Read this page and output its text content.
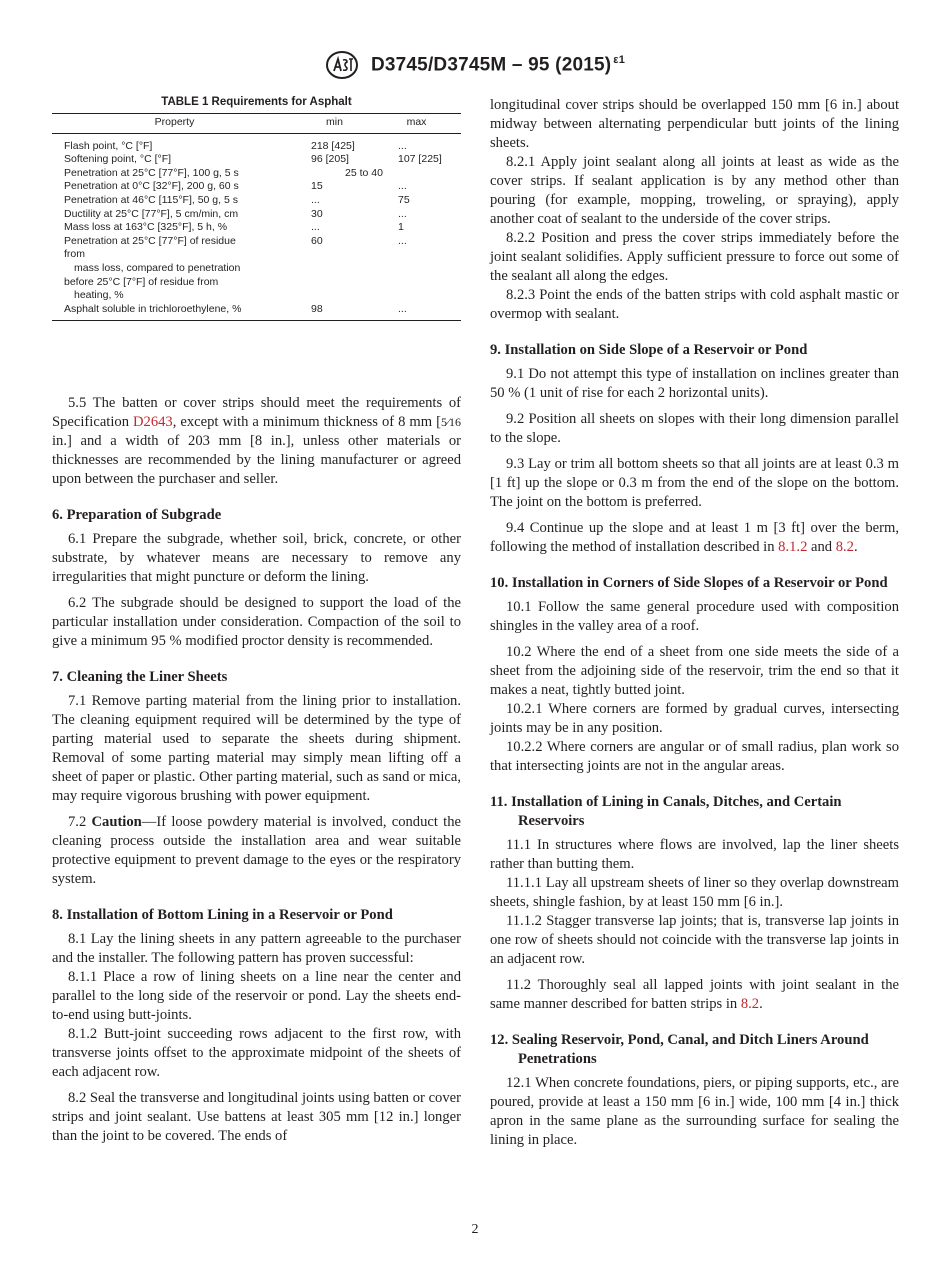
D3745/D3745M – 95 (2015) $^{\varepsilon 1}$
TABLE 1 Requirements for Asphalt
Property	min	max
Flash point, °C [°F]	218 [425]	...
Softening point, °C [°F]	96 [205]	107 [225]
Penetration at 25°C [77°F], 100 g, 5 s	25 to 40	
Penetration at 0°C [32°F], 200 g, 60 s	15	...
Penetration at 46°C [115°F], 50 g, 5 s	...	75
Ductility at 25°C [77°F], 5 cm/min, cm	30	...
Mass loss at 163°C [325°F], 5 h, %	...	1

Penetration at 25°C [77°F] of residue
from
mass loss, compared to penetration
before 25°C [7°F] of residue from
heating, %	60	...
Asphalt soluble in trichloroethylene, %	98	...

5.5 The batten or cover strips should meet the requirements of Specification D2643, except with a minimum thickness of 8 mm [5⁄16 in.] and a width of 203 mm [8 in.], unless other materials or thicknesses are recommended by the lining manufacturer or agreed upon between the purchaser and seller.

6. Preparation of Subgrade

6.1 Prepare the subgrade, whether soil, brick, concrete, or other substrate, by whatever means are necessary to remove any irregularities that might puncture or deform the lining.

6.2 The subgrade should be designed to support the load of the particular installation under consideration. Compaction of the soil to give a minimum 95 % modified proctor density is recommended.

7. Cleaning the Liner Sheets

7.1 Remove parting material from the lining prior to installation. The cleaning equipment required will be determined by the type of parting material used to separate the sheets during shipment. Removal of some parting material may simply mean lifting off a sheet of paper or plastic. Other parting material, such as sand or mica, may require vigorous brushing with power equipment.

7.2 Caution—If loose powdery material is involved, conduct the cleaning process outside the installation area and wear suitable protective equipment to prevent damage to the eyes or the respiratory system.

8. Installation of Bottom Lining in a Reservoir or Pond

8.1 Lay the lining sheets in any pattern agreeable to the purchaser and the installer. The following pattern has proven successful:

8.1.1 Place a row of lining sheets on a line near the center and parallel to the long side of the reservoir or pond. Lay the sheets end-to-end using butt-joints.

8.1.2 Butt-joint succeeding rows adjacent to the first row, with transverse joints offset to the approximate midpoint of the sheets of each adjacent row.

8.2 Seal the transverse and longitudinal joints using batten or cover strips and joint sealant. Use battens at least 305 mm [12 in.] longer than the joint to be covered. The ends of

longitudinal cover strips should be overlapped 150 mm [6 in.] about midway between alternating perpendicular butt joints of the lining sheets.

8.2.1 Apply joint sealant along all joints at least as wide as the cover strips. If sealant application is by any method other than pouring (for example, mopping, troweling, or spraying), apply another coat of sealant to the underside of the cover strips.

8.2.2 Position and press the cover strips immediately before the joint sealant solidifies. Apply sufficient pressure to force out some of the sealant all along the edges.

8.2.3 Point the ends of the batten strips with cold asphalt mastic or overmop with sealant.

9. Installation on Side Slope of a Reservoir or Pond

9.1 Do not attempt this type of installation on inclines greater than 50 % (1 unit of rise for each 2 horizontal units).

9.2 Position all sheets on slopes with their long dimension parallel to the slope.

9.3 Lay or trim all bottom sheets so that all joints are at least 0.3 m [1 ft] up the slope or 0.3 m from the end of the slope on the bottom. The joint on the bottom is preferred.

9.4 Continue up the slope and at least 1 m [3 ft] over the berm, following the method of installation described in 8.1.2 and 8.2.

10. Installation in Corners of Side Slopes of a Reservoir or Pond

10.1 Follow the same general procedure used with composition shingles in the valley area of a roof.

10.2 Where the end of a sheet from one side meets the side of a sheet from the adjoining side of the reservoir, trim the end so that it makes a neat, tightly butted joint.

10.2.1 Where corners are formed by gradual curves, intersecting joints may be in any position.

10.2.2 Where corners are angular or of small radius, plan work so that intersecting joints are not in the angular areas.

11. Installation of Lining in Canals, Ditches, and Certain Reservoirs

11.1 In structures where flows are involved, lap the liner sheets rather than butting them.

11.1.1 Lay all upstream sheets of liner so they overlap downstream sheets, shingle fashion, by at least 150 mm [6 in.].

11.1.2 Stagger transverse lap joints; that is, transverse lap joints in one row of sheets should not coincide with the transverse lap joints in an adjacent row.

11.2 Thoroughly seal all lapped joints with joint sealant in the same manner described for batten strips in 8.2.

12. Sealing Reservoir, Pond, Canal, and Ditch Liners Around Penetrations

12.1 When concrete foundations, piers, or piping supports, etc., are poured, provide at least a 150 mm [6 in.] wide, 100 mm [4 in.] thick apron in the same plane as the surrounding surface for sealing the lining in place.

2
